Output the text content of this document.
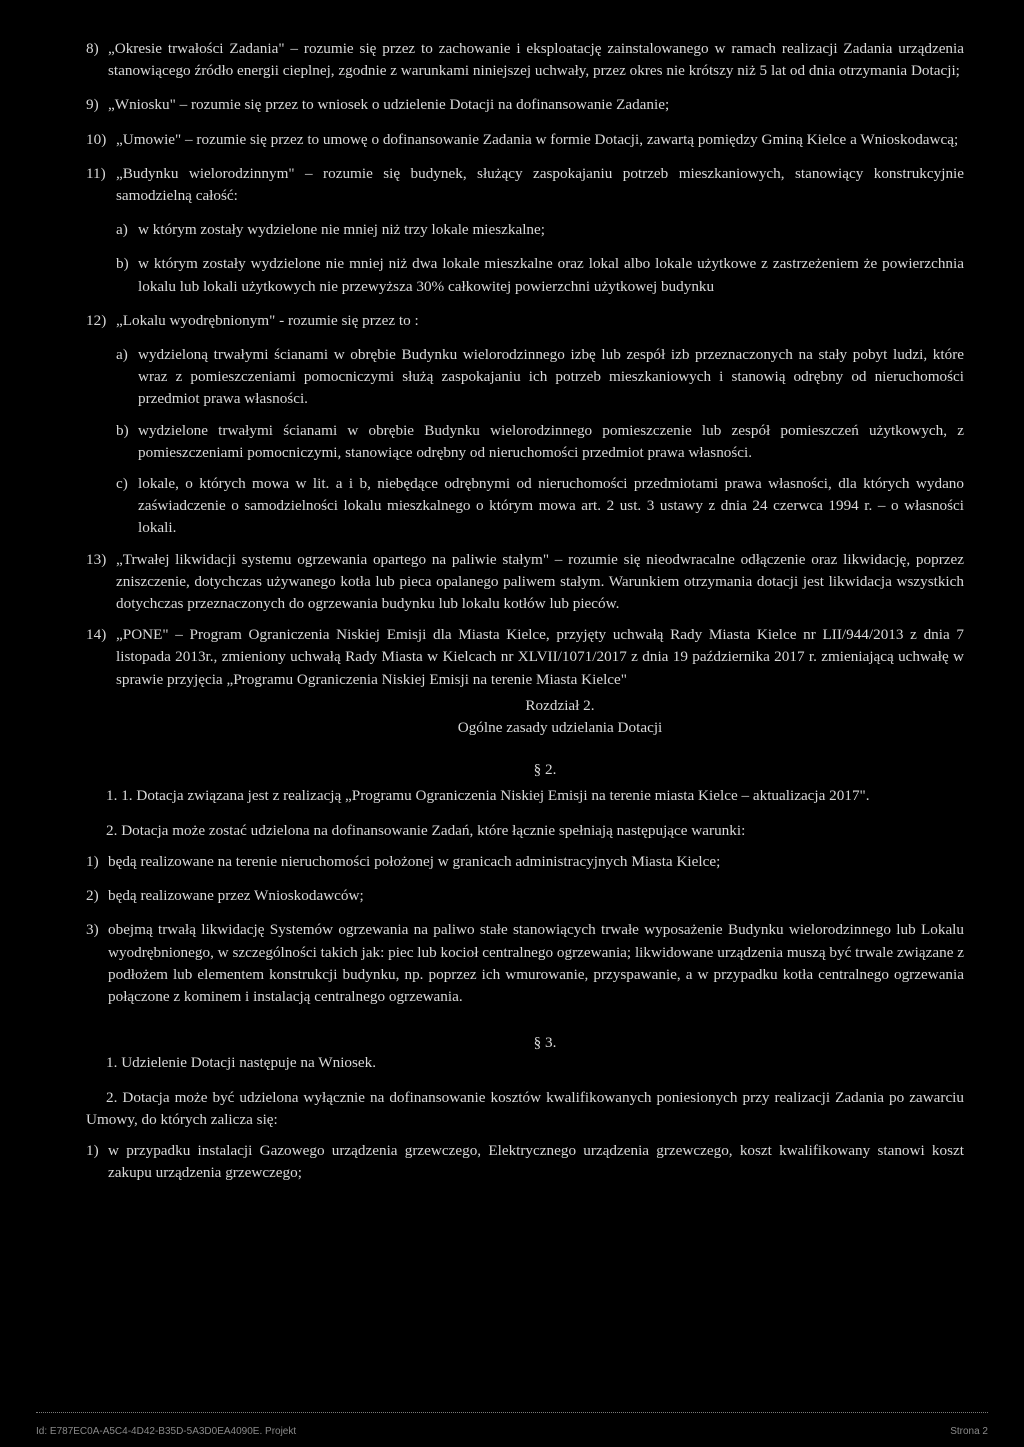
8) „Okresie trwałości Zadania" – rozumie się przez to zachowanie i eksploatację zainstalowanego w ramach realizacji Zadania urządzenia stanowiącego źródło energii cieplnej, zgodnie z warunkami niniejszej uchwały, przez okres nie krótszy niż 5 lat od dnia otrzymania Dotacji;

9) „Wniosku" – rozumie się przez to wniosek o udzielenie Dotacji na dofinansowanie Zadanie;

10) „Umowie" – rozumie się przez to umowę o dofinansowanie Zadania w formie Dotacji, zawartą pomiędzy Gminą Kielce a Wnioskodawcą;

11) „Budynku wielorodzinnym" – rozumie się budynek, służący zaspokajaniu potrzeb mieszkaniowych, stanowiący konstrukcyjnie samodzielną całość:

a) w którym zostały wydzielone nie mniej niż trzy lokale mieszkalne;

b) w którym zostały wydzielone nie mniej niż dwa lokale mieszkalne oraz lokal albo lokale użytkowe z zastrzeżeniem że powierzchnia lokalu lub lokali użytkowych nie przewyższa 30% całkowitej powierzchni użytkowej budynku

12) „Lokalu wyodrębnionym" - rozumie się przez to :

a) wydzieloną trwałymi ścianami w obrębie Budynku wielorodzinnego izbę lub zespół izb przeznaczonych na stały pobyt ludzi, które wraz z pomieszczeniami pomocniczymi służą zaspokajaniu ich potrzeb mieszkaniowych i stanowią odrębny od nieruchomości przedmiot prawa własności.

b) wydzielone trwałymi ścianami w obrębie Budynku wielorodzinnego pomieszczenie lub zespół pomieszczeń użytkowych, z pomieszczeniami pomocniczymi, stanowiące odrębny od nieruchomości przedmiot prawa własności.

c) lokale, o których mowa w lit. a i b, niebędące odrębnymi od nieruchomości przedmiotami prawa własności, dla których wydano zaświadczenie o samodzielności lokalu mieszkalnego o którym mowa art. 2 ust. 3 ustawy z dnia 24 czerwca 1994 r. – o własności lokali.

13) „Trwałej likwidacji systemu ogrzewania opartego na paliwie stałym" – rozumie się nieodwracalne odłączenie oraz likwidację, poprzez zniszczenie, dotychczas używanego kotła lub pieca opalanego paliwem stałym. Warunkiem otrzymania dotacji jest likwidacja wszystkich dotychczas przeznaczonych do ogrzewania budynku lub lokalu kotłów lub pieców.

14) „PONE" – Program Ograniczenia Niskiej Emisji dla Miasta Kielce, przyjęty uchwałą Rady Miasta Kielce nr LII/944/2013 z dnia 7 listopada 2013r., zmieniony uchwałą Rady Miasta w Kielcach nr XLVII/1071/2017 z dnia 19 października 2017 r. zmieniającą uchwałę w sprawie przyjęcia „Programu Ograniczenia Niskiej Emisji na terenie Miasta Kielce"

Rozdział 2.
Ogólne zasady udzielania Dotacji
§ 2.

1. 1. Dotacja związana jest z realizacją „Programu Ograniczenia Niskiej Emisji na terenie miasta Kielce – aktualizacja 2017".

2. Dotacja może zostać udzielona na dofinansowanie Zadań, które łącznie spełniają następujące warunki:

1) będą realizowane na terenie nieruchomości położonej w granicach administracyjnych Miasta Kielce;

2) będą realizowane przez Wnioskodawców;

3) obejmą trwałą likwidację Systemów ogrzewania na paliwo stałe stanowiących trwałe wyposażenie Budynku wielorodzinnego lub Lokalu wyodrębnionego, w szczególności takich jak: piec lub kocioł centralnego ogrzewania; likwidowane urządzenia muszą być trwale związane z podłożem lub elementem konstrukcji budynku, np. poprzez ich wmurowanie, przyspawanie, a w przypadku kotła centralnego ogrzewania połączone z kominem i instalacją centralnego ogrzewania.

§ 3.

1. Udzielenie Dotacji następuje na Wniosek.

2. Dotacja może być udzielona wyłącznie na dofinansowanie kosztów kwalifikowanych poniesionych przy realizacji Zadania po zawarciu Umowy, do których zalicza się:

1) w przypadku instalacji Gazowego urządzenia grzewczego, Elektrycznego urządzenia grzewczego, koszt kwalifikowany stanowi koszt zakupu urządzenia grzewczego;

Id: E787EC0A-A5C4-4D42-B35D-5A3D0EA4090E. Projekt	Strona 2
